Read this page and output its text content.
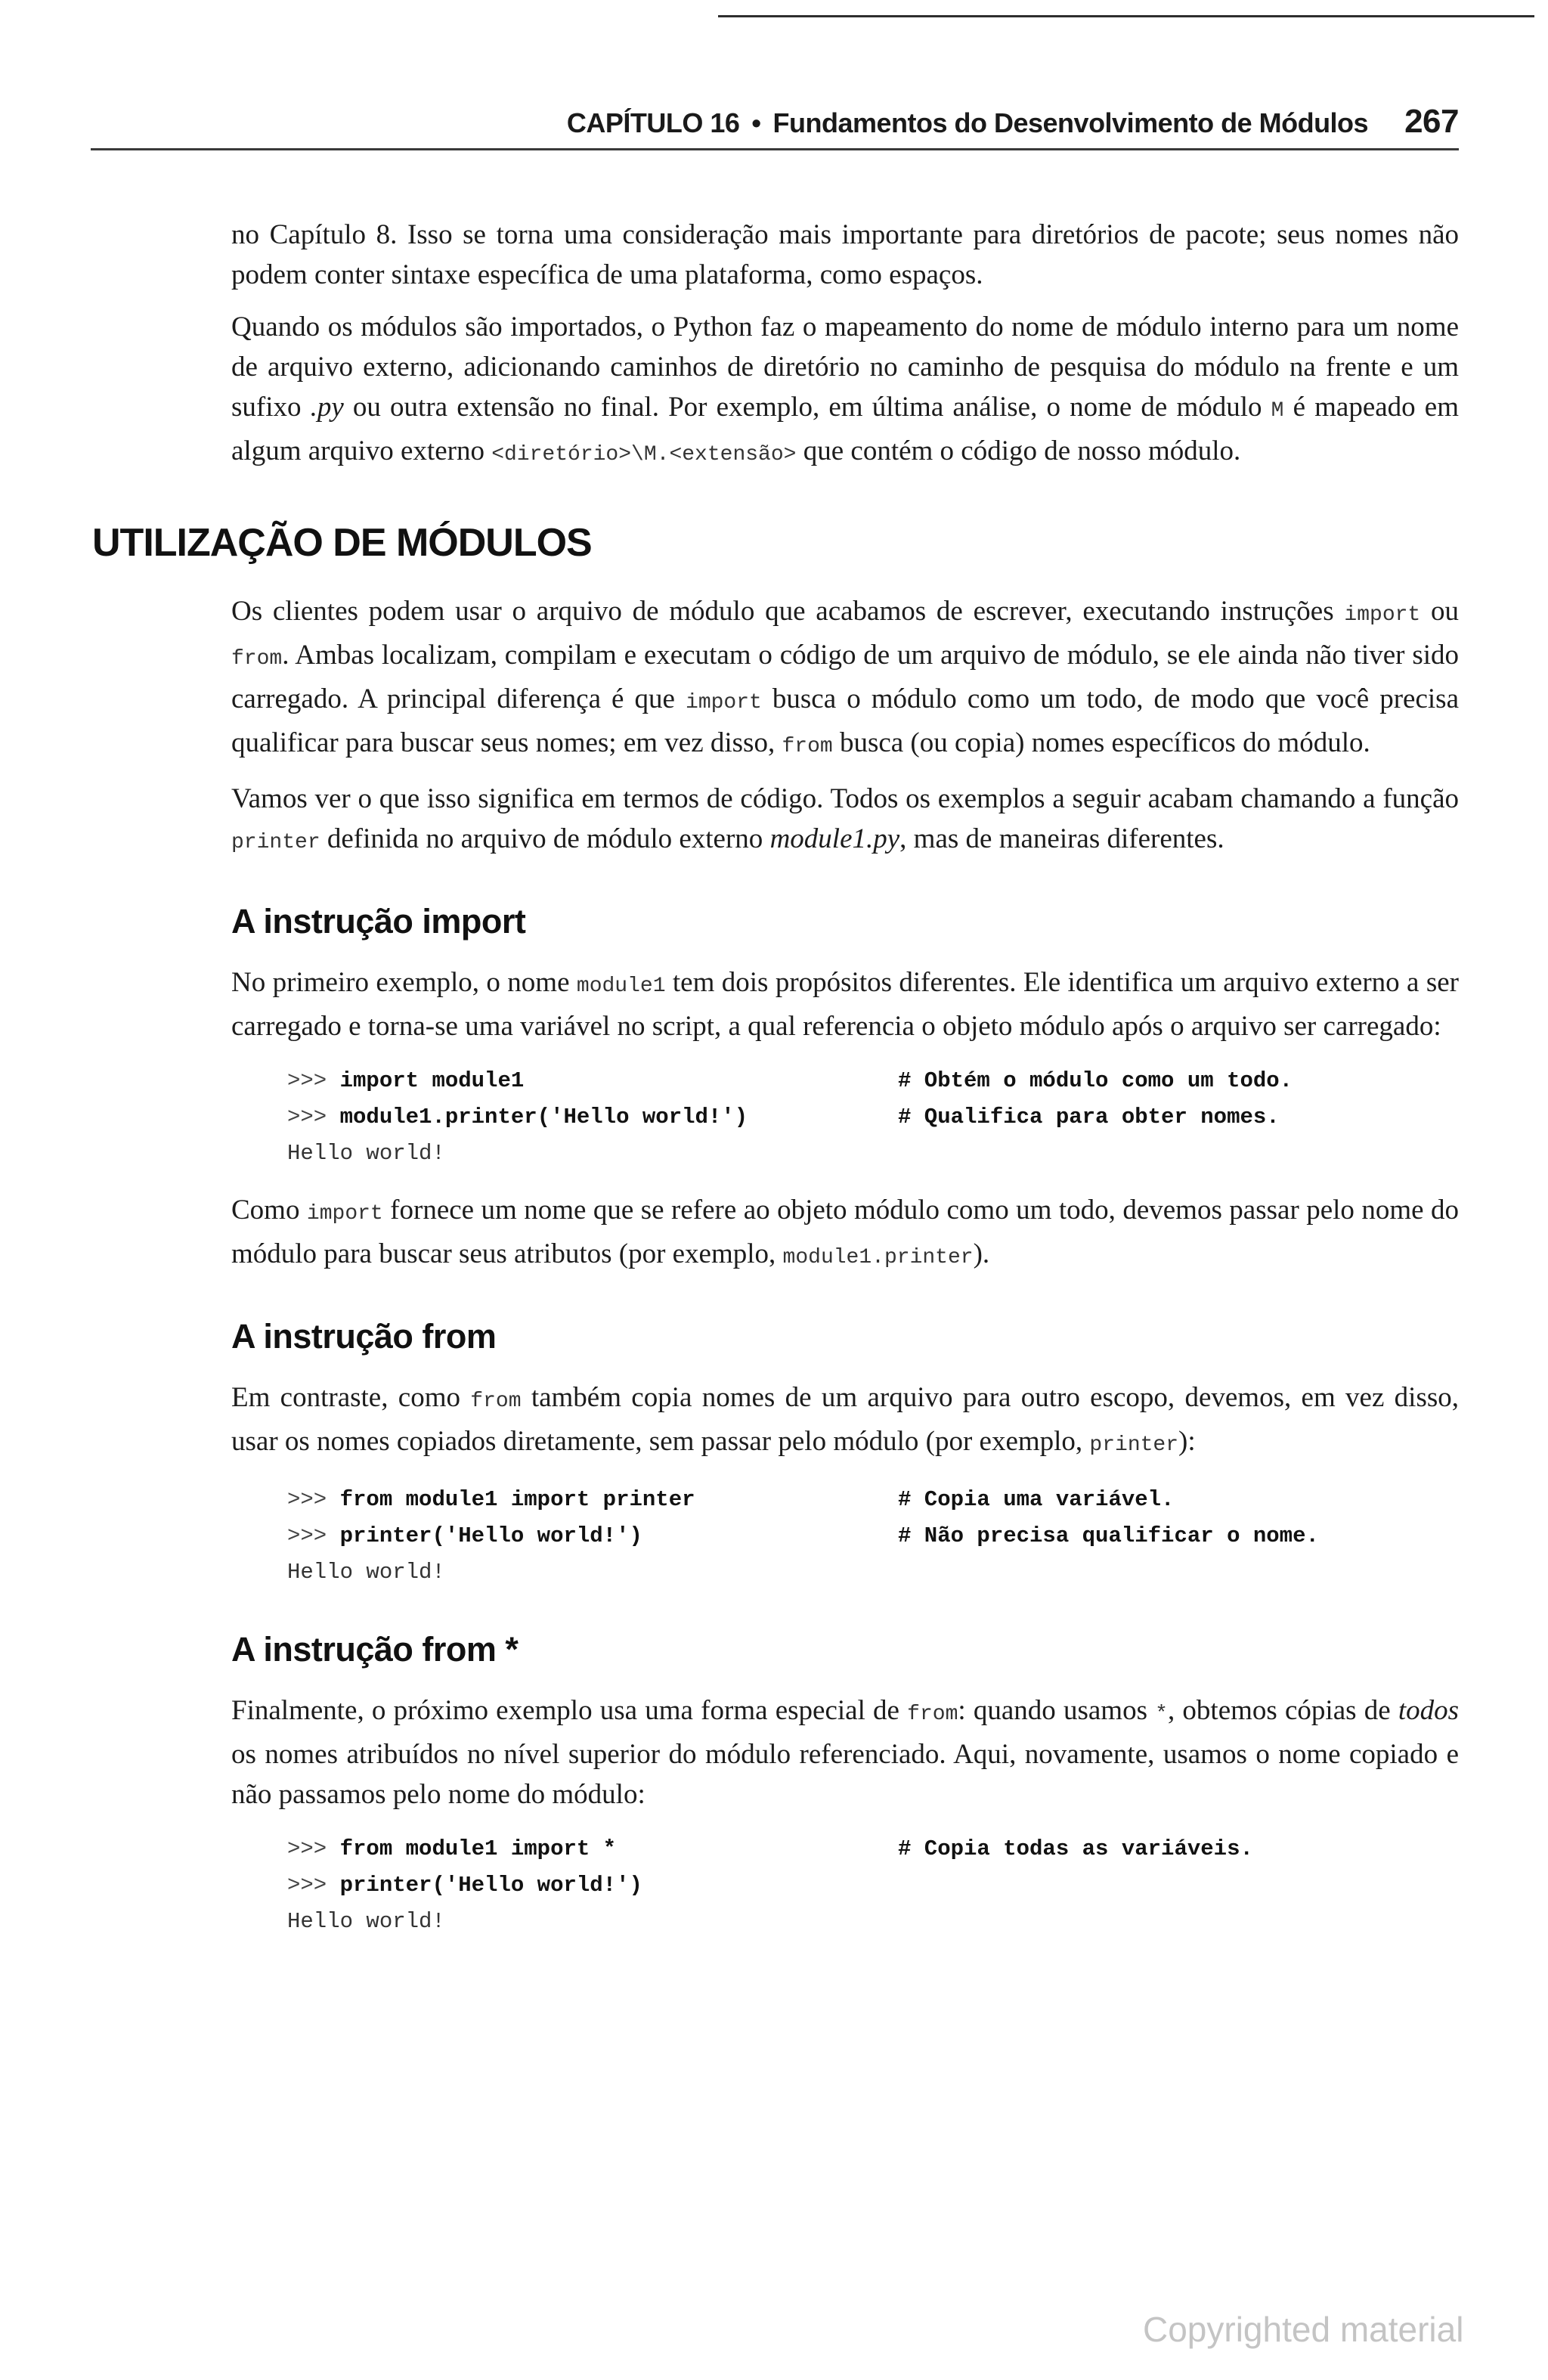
CAPÍTULO 16 • Fundamentos do Desenvolvimento de Módulos 267

no Capítulo 8. Isso se torna uma consideração mais importante para diretórios de pacote; seus nomes não podem conter sintaxe específica de uma plataforma, como espaços.

Quando os módulos são importados, o Python faz o mapeamento do nome de módulo interno para um nome de arquivo externo, adicionando caminhos de diretório no caminho de pesquisa do módulo na frente e um sufixo .py ou outra extensão no final. Por exemplo, em última análise, o nome de módulo M é mapeado em algum arquivo externo <diretório>\M.<extensão> que contém o código de nosso módulo.

UTILIZAÇÃO DE MÓDULOS

Os clientes podem usar o arquivo de módulo que acabamos de escrever, executando instruções import ou from. Ambas localizam, compilam e executam o código de um arquivo de módulo, se ele ainda não tiver sido carregado. A principal diferença é que import busca o módulo como um todo, de modo que você precisa qualificar para buscar seus nomes; em vez disso, from busca (ou copia) nomes específicos do módulo.

Vamos ver o que isso significa em termos de código. Todos os exemplos a seguir acabam chamando a função printer definida no arquivo de módulo externo module1.py, mas de maneiras diferentes.

A instrução import

No primeiro exemplo, o nome module1 tem dois propósitos diferentes. Ele identifica um arquivo externo a ser carregado e torna-se uma variável no script, a qual referencia o objeto módulo após o arquivo ser carregado:

>>> import module1	# Obtém o módulo como um todo.
>>> module1.printer('Hello world!')	# Qualifica para obter nomes.
Hello world!

Como import fornece um nome que se refere ao objeto módulo como um todo, devemos passar pelo nome do módulo para buscar seus atributos (por exemplo, module1.printer).

A instrução from

Em contraste, como from também copia nomes de um arquivo para outro escopo, devemos, em vez disso, usar os nomes copiados diretamente, sem passar pelo módulo (por exemplo, printer):

>>> from module1 import printer	# Copia uma variável.
>>> printer('Hello world!')	# Não precisa qualificar o nome.
Hello world!
A instrução from *

Finalmente, o próximo exemplo usa uma forma especial de from: quando usamos *, obtemos cópias de todos os nomes atribuídos no nível superior do módulo referenciado. Aqui, novamente, usamos o nome copiado e não passamos pelo nome do módulo:

>>> from module1 import *	# Copia todas as variáveis.
>>> printer('Hello world!')
Hello world!
Copyrighted material
